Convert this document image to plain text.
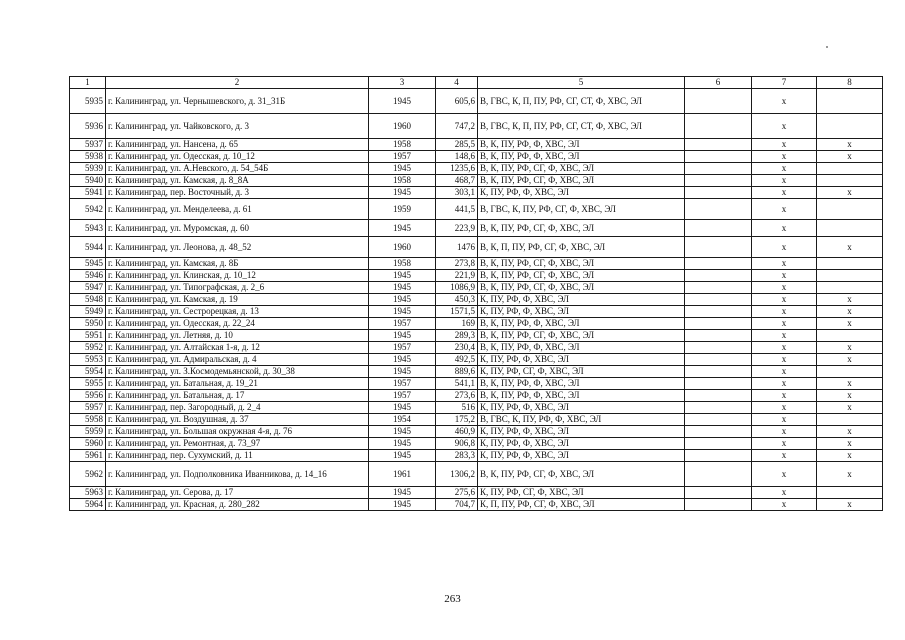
1	2	3	4	5	6	7	8
5935	г. Калининград, ул. Чернышевского, д. 31_31Б	1945	605,6	В, ГВС, К, П, ПУ, РФ, СГ, СТ, Ф, ХВС, ЭЛ		х	
5936	г. Калининград, ул. Чайковского, д. 3	1960	747,2	В, ГВС, К, П, ПУ, РФ, СГ, СТ, Ф, ХВС, ЭЛ		х	
5937	г. Калининград, ул. Нансена, д. 65	1958	285,5	В, К, ПУ, РФ, Ф, ХВС, ЭЛ		х	х
5938	г. Калининград, ул. Одесская, д. 10_12	1957	148,6	В, К, ПУ, РФ, Ф, ХВС, ЭЛ		х	х
5939	г. Калининград, ул. А.Невского, д. 54_54Б	1945	1235,6	В, К, ПУ, РФ, СГ, Ф, ХВС, ЭЛ		х	
5940	г. Калининград, ул. Камская, д. 8_8А	1958	468,7	В, К, ПУ, РФ, СГ, Ф, ХВС, ЭЛ		х	
5941	г. Калининград, пер. Восточный, д. 3	1945	303,1	К, ПУ, РФ, Ф, ХВС, ЭЛ		х	х
5942	г. Калининград, ул. Менделеева, д. 61	1959	441,5	В, ГВС, К, ПУ, РФ, СГ, Ф, ХВС, ЭЛ		х	
5943	г. Калининград, ул. Муромская, д. 60	1945	223,9	В, К, ПУ, РФ, СГ, Ф, ХВС, ЭЛ		х	
5944	г. Калининград, ул. Леонова, д. 48_52	1960	1476	В, К, П, ПУ, РФ, СГ, Ф, ХВС, ЭЛ		х	х
5945	г. Калининград, ул. Камская, д. 8Б	1958	273,8	В, К, ПУ, РФ, СГ, Ф, ХВС, ЭЛ		х	
5946	г. Калининград, ул. Клинская, д. 10_12	1945	221,9	В, К, ПУ, РФ, СГ, Ф, ХВС, ЭЛ		х	
5947	г. Калининград, ул. Типографская, д. 2_6	1945	1086,9	В, К, ПУ, РФ, СГ, Ф, ХВС, ЭЛ		х	
5948	г. Калининград, ул. Камская, д. 19	1945	450,3	К, ПУ, РФ, Ф, ХВС, ЭЛ		х	х
5949	г. Калининград, ул. Сестрорецкая, д. 13	1945	1571,5	К, ПУ, РФ, Ф, ХВС, ЭЛ		х	х
5950	г. Калининград, ул. Одесская, д. 22_24	1957	169	В, К, ПУ, РФ, Ф, ХВС, ЭЛ		х	х
5951	г. Калининград, ул. Летняя, д. 10	1945	289,3	В, К, ПУ, РФ, СГ, Ф, ХВС, ЭЛ		х	
5952	г. Калининград, ул. Алтайская 1-я, д. 12	1957	230,4	В, К, ПУ, РФ, Ф, ХВС, ЭЛ		х	х
5953	г. Калининград, ул. Адмиральская, д. 4	1945	492,5	К, ПУ, РФ, Ф, ХВС, ЭЛ		х	х
5954	г. Калининград, ул. З.Космодемьянской, д. 30_38	1945	889,6	К, ПУ, РФ, СГ, Ф, ХВС, ЭЛ		х	
5955	г. Калининград, ул. Батальная, д. 19_21	1957	541,1	В, К, ПУ, РФ, Ф, ХВС, ЭЛ		х	х
5956	г. Калининград, ул. Батальная, д. 17	1957	273,6	В, К, ПУ, РФ, Ф, ХВС, ЭЛ		х	х
5957	г. Калининград, пер. Загородный, д. 2_4	1945	516	К, ПУ, РФ, Ф, ХВС, ЭЛ		х	х
5958	г. Калининград, ул. Воздушная, д. 37	1954	175,2	В, ГВС, К, ПУ, РФ, Ф, ХВС, ЭЛ		х	
5959	г. Калининград, ул. Большая окружная 4-я, д. 76	1945	460,9	К, ПУ, РФ, Ф, ХВС, ЭЛ		х	х
5960	г. Калининград, ул. Ремонтная, д. 73_97	1945	906,8	К, ПУ, РФ, Ф, ХВС, ЭЛ		х	х
5961	г. Калининград, пер. Сухумский, д. 11	1945	283,3	К, ПУ, РФ, Ф, ХВС, ЭЛ		х	х
5962	г. Калининград, ул. Подполковника Иванникова, д. 14_16	1961	1306,2	В, К, ПУ, РФ, СГ, Ф, ХВС, ЭЛ		х	х
5963	г. Калининград, ул. Серова, д. 17	1945	275,6	К, ПУ, РФ, СГ, Ф, ХВС, ЭЛ		х	
5964	г. Калининград, ул. Красная, д. 280_282	1945	704,7	К, П, ПУ, РФ, СГ, Ф, ХВС, ЭЛ		х	х
263
